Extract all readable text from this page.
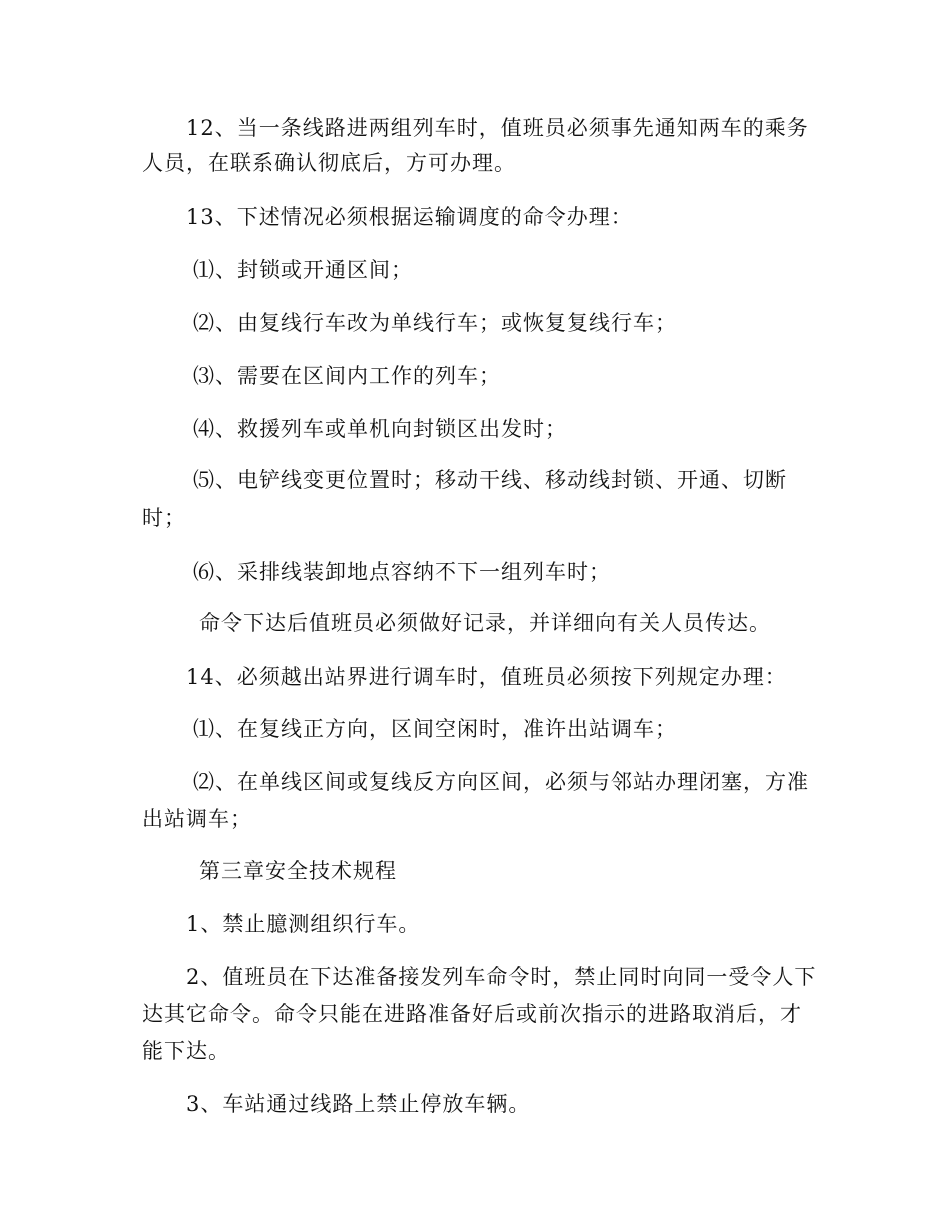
12、当一条线路进两组列车时，值班员必须事先通知两车的乘务
人员，在联系确认彻底后，方可办理。
13、下述情况必须根据运输调度的命令办理：
⑴、封锁或开通区间；
⑵、由复线行车改为单线行车；或恢复复线行车；
⑶、需要在区间内工作的列车；
⑷、救援列车或单机向封锁区出发时；
⑸、电铲线变更位置时；移动干线、移动线封锁、开通、切断
时；
⑹、采排线装卸地点容纳不下一组列车时；
命令下达后值班员必须做好记录，并详细向有关人员传达。
14、必须越出站界进行调车时，值班员必须按下列规定办理：
⑴、在复线正方向，区间空闲时，准许出站调车；
⑵、在单线区间或复线反方向区间，必须与邻站办理闭塞，方准
出站调车；
第三章安全技术规程
1、禁止臆测组织行车。
2、值班员在下达准备接发列车命令时，禁止同时向同一受令人下
达其它命令。命令只能在进路准备好后或前次指示的进路取消后，才
能下达。
3、车站通过线路上禁止停放车辆。
